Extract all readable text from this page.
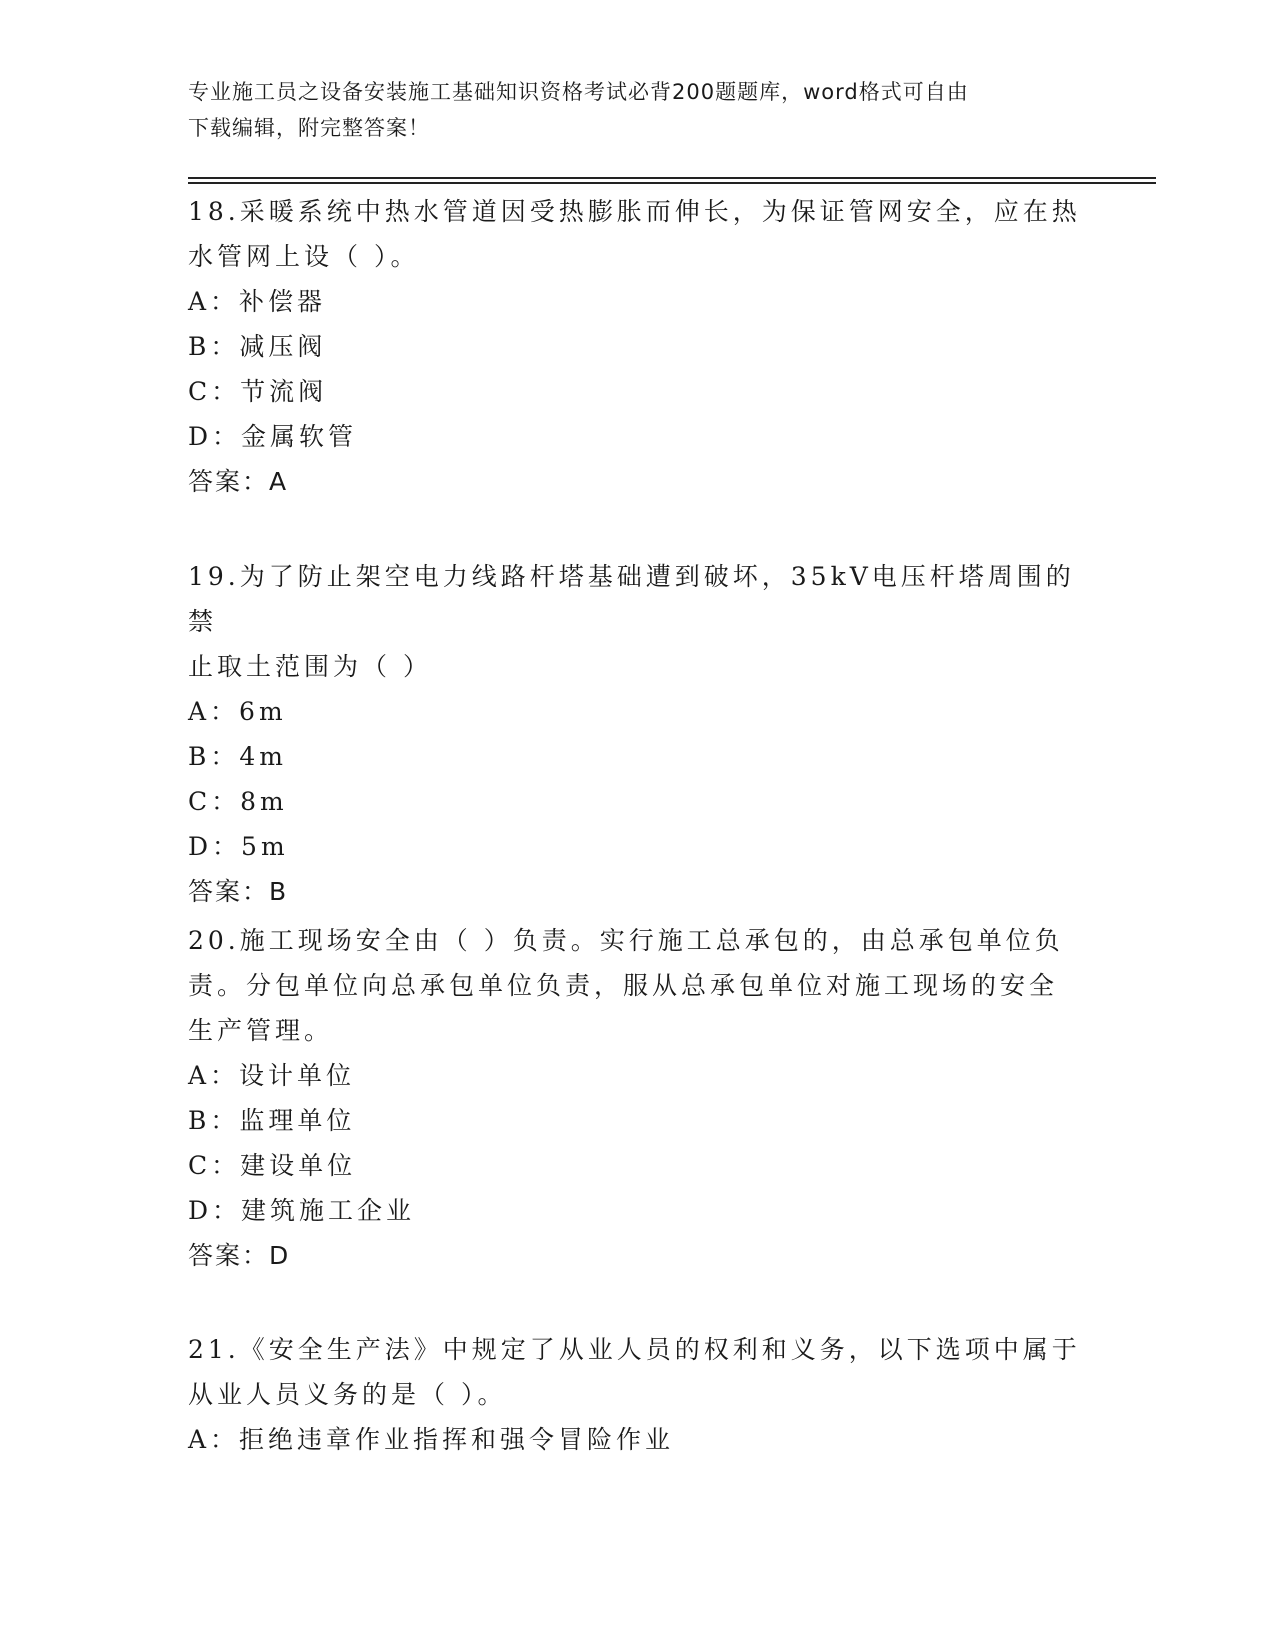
专业施工员之设备安装施工基础知识资格考试必背200题题库，word格式可自由
下载编辑，附完整答案！

18.采暖系统中热水管道因受热膨胀而伸长，为保证管网安全，应在热

水管网上设（ ）。

A：补偿器

B：减压阀

C：节流阀

D：金属软管

答案：A

19.为了防止架空电力线路杆塔基础遭到破坏，35kV电压杆塔周围的禁

止取土范围为（ ）

A：6m

B：4m

C：8m

D：5m

答案：B

20.施工现场安全由（ ）负责。实行施工总承包的，由总承包单位负

责。分包单位向总承包单位负责，服从总承包单位对施工现场的安全

生产管理。

A：设计单位

B：监理单位

C：建设单位

D：建筑施工企业

答案：D

21.《安全生产法》中规定了从业人员的权利和义务，以下选项中属于

从业人员义务的是（ ）。

A：拒绝违章作业指挥和强令冒险作业
